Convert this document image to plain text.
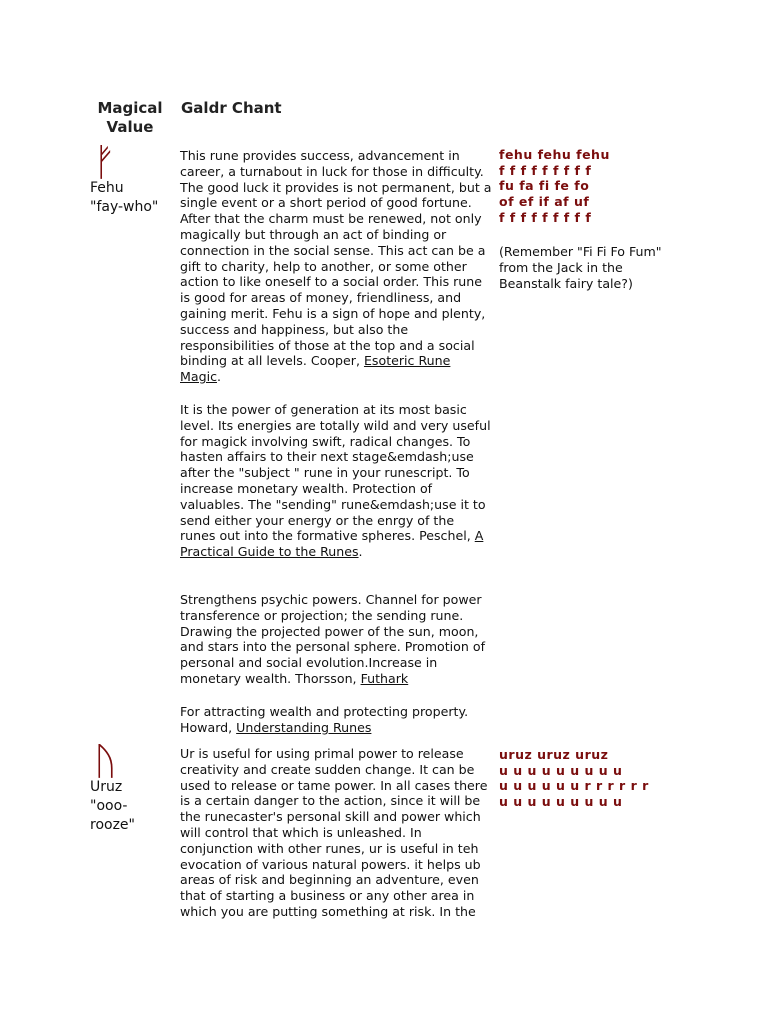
Magical Value
Galdr Chant
ᚠ
Fehu
"fay-who"
This rune provides success, advancement in career, a turnabout in luck for those in difficulty. The good luck it provides is not permanent, but a single event or a short period of good fortune. After that the charm must be renewed, not only magically but through an act of binding or connection in the social sense. This act can be a gift to charity, help to another, or some other action to like oneself to a social order. This rune is good for areas of money, friendliness, and gaining merit. Fehu is a sign of hope and plenty, success and happiness, but also the responsibilities of those at the top and a social binding at all levels. Cooper, Esoteric Rune Magic.
It is the power of generation at its most basic level. Its energies are totally wild and very useful for magick involving swift, radical changes. To hasten affairs to their next stage&emdash;use after the "subject " rune in your runescript. To increase monetary wealth. Protection of valuables. The "sending" rune&emdash;use it to send either your energy or the enrgy of the runes out into the formative spheres. Peschel, A Practical Guide to the Runes.
Strengthens psychic powers. Channel for power transference or projection; the sending rune. Drawing the projected power of the sun, moon, and stars into the personal sphere. Promotion of personal and social evolution.Increase in monetary wealth. Thorsson, Futhark
For attracting wealth and protecting property. Howard, Understanding Runes
fehu fehu fehu
f f f f f f f f f
fu fa fi fe fo
of ef if af uf
f f f f f f f f f
(Remember "Fi Fi Fo Fum" from the Jack in the Beanstalk fairy tale?)
ᚢ
Uruz
"ooo-
rooze"
Ur is useful for using primal power to release creativity and create sudden change. It can be used to release or tame power. In all cases there is a certain danger to the action, since it will be the runecaster's personal skill and power which will control that which is unleashed. In conjunction with other runes, ur is useful in teh evocation of various natural powers. it helps ub areas of risk and beginning an adventure, even that of starting a business or any other area in which you are putting something at risk. In the
uruz uruz uruz
u u u u u u u u u
u u u u u u r r r r r r
u u u u u u u u u
